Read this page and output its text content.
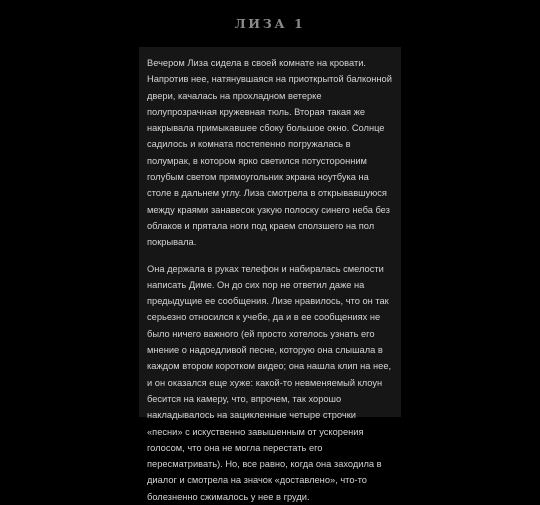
ЛИЗА 1

Вечером Лиза сидела в своей комнате на кровати. Напротив нее, натянувшаяся на приоткрытой балконной двери, качалась на прохладном ветерке полупрозрачная кружевная тюль. Вторая такая же накрывала примыкавшее сбоку большое окно. Солнце садилось и комната постепенно погружалась в полумрак, в котором ярко светился потусторонним голубым светом прямоугольник экрана ноутбука на столе в дальнем углу. Лиза смотрела в открывавшуюся между краями занавесок узкую полоску синего неба без облаков и прятала ноги под краем сползшего на пол покрывала.

Она держала в руках телефон и набиралась смелости написать Диме. Он до сих пор не ответил даже на предыдущие ее сообщения. Лизе нравилось, что он так серьезно относился к учебе, да и в ее сообщениях не было ничего важного (ей просто хотелось узнать его мнение о надоедливой песне, которую она слышала в каждом втором коротком видео; она нашла клип на нее, и он оказался еще хуже: какой-то невменяемый клоун бесится на камеру, что, впрочем, так хорошо накладывалось на зацикленные четыре строчки «песни» с искуственно завышенным от ускорения голосом, что она не могла перестать его пересматривать). Но, все равно, когда она заходила в диалог и смотрела на значок «доставлено», что-то болезненно сжималось у нее в груди.
